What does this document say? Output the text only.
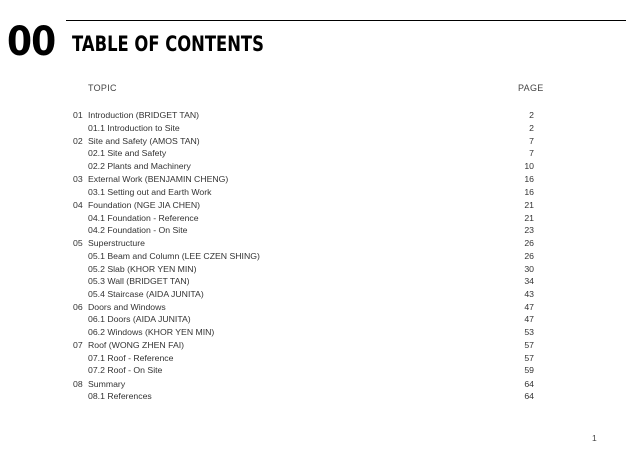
00 TABLE OF CONTENTS
TOPIC	PAGE
01 Introduction (BRIDGET TAN)	2
01.1 Introduction to Site	2
02 Site and Safety (AMOS TAN)	7
02.1 Site and Safety	7
02.2 Plants and Machinery	10
03 External Work (BENJAMIN CHENG)	16
03.1 Setting out and Earth Work	16
04 Foundation (NGE JIA CHEN)	21
04.1 Foundation - Reference	21
04.2 Foundation - On Site	23
05 Superstructure	26
05.1 Beam and Column (LEE CZEN SHING)	26
05.2 Slab (KHOR YEN MIN)	30
05.3 Wall (BRIDGET TAN)	34
05.4 Staircase (AIDA JUNITA)	43
06 Doors and Windows	47
06.1 Doors (AIDA JUNITA)	47
06.2 Windows (KHOR YEN MIN)	53
07 Roof (WONG ZHEN FAI)	57
07.1 Roof - Reference	57
07.2 Roof - On Site	59
08 Summary	64
08.1 References	64
1
